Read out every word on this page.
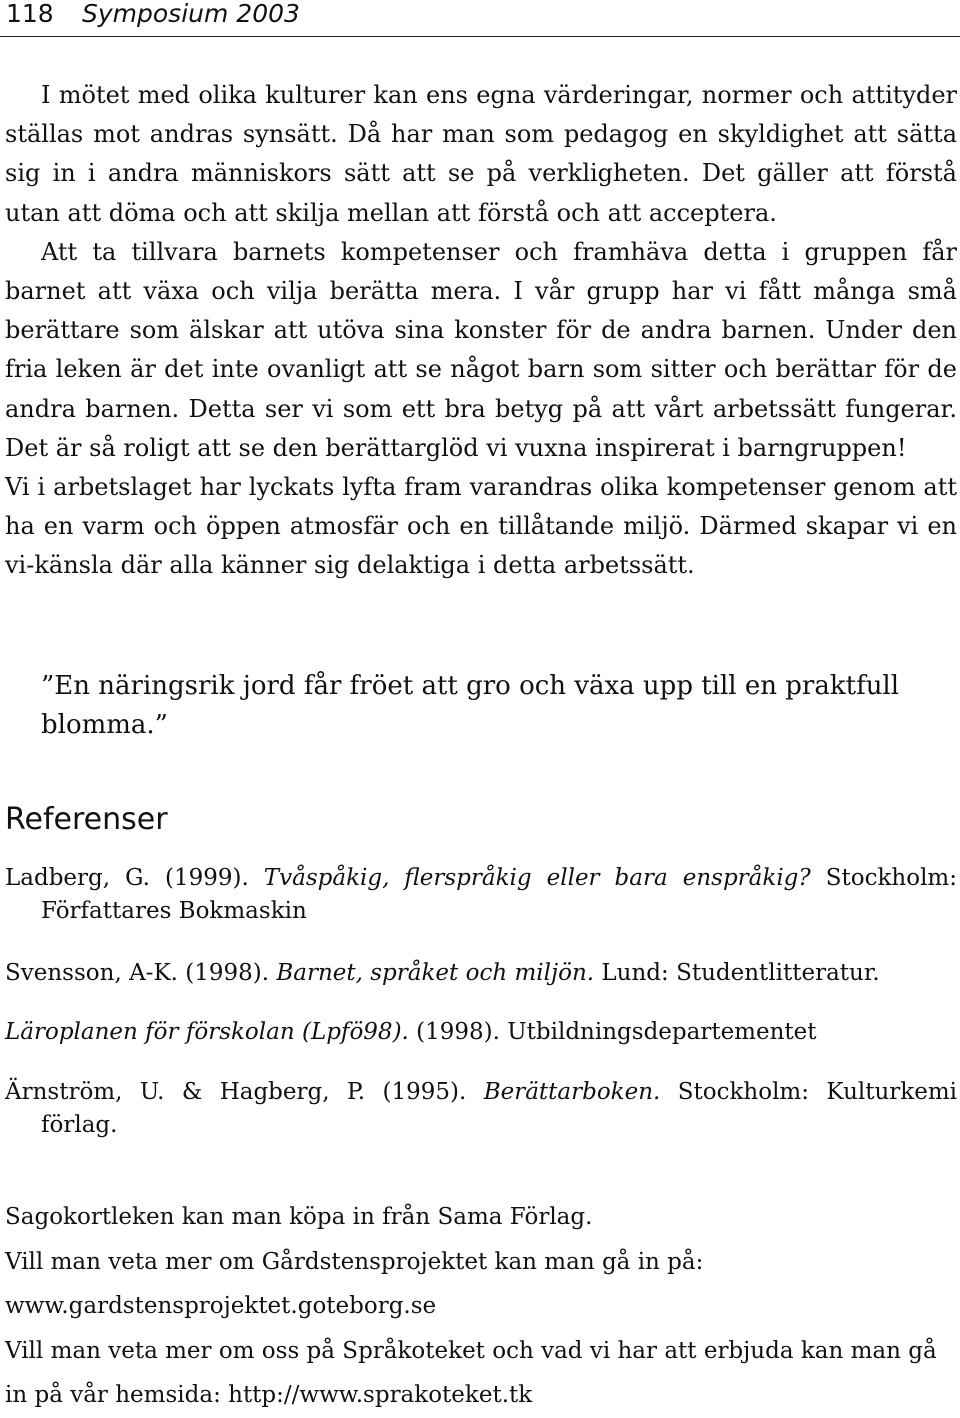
118 Symposium 2003

I mötet med olika kulturer kan ens egna värderingar, normer och attityder ställas mot andras synsätt. Då har man som pedagog en skyldighet att sätta sig in i andra människors sätt att se på verkligheten. Det gäller att förstå utan att döma och att skilja mellan att förstå och att acceptera.

Att ta tillvara barnets kompetenser och framhäva detta i gruppen får barnet att växa och vilja berätta mera. I vår grupp har vi fått många små berättare som älskar att utöva sina konster för de andra barnen. Under den fria leken är det inte ovanligt att se något barn som sitter och berättar för de andra barnen. Detta ser vi som ett bra betyg på att vårt arbetssätt fungerar. Det är så roligt att se den berättarglöd vi vuxna inspirerat i barngruppen!

Vi i arbetslaget har lyckats lyfta fram varandras olika kompetenser genom att ha en varm och öppen atmosfär och en tillåtande miljö. Därmed skapar vi en vi-känsla där alla känner sig delaktiga i detta arbetssätt.

”En näringsrik jord får fröet att gro och växa upp till en praktfull blomma.”
Referenser
Ladberg, G. (1999). Tvåspåkig, flerspråkig eller bara enspråkig? Stockholm: Författares Bokmaskin
Svensson, A-K. (1998). Barnet, språket och miljön. Lund: Studentlitteratur.
Läroplanen för förskolan (Lpfö98). (1998). Utbildningsdepartementet
Ärnström, U. & Hagberg, P. (1995). Berättarboken. Stockholm: Kulturkemi förlag.
Sagokortleken kan man köpa in från Sama Förlag.
Vill man veta mer om Gårdstensprojektet kan man gå in på:
www.gardstensprojektet.goteborg.se
Vill man veta mer om oss på Språkoteket och vad vi har att erbjuda kan man gå
in på vår hemsida: http://www.sprakoteket.tk
